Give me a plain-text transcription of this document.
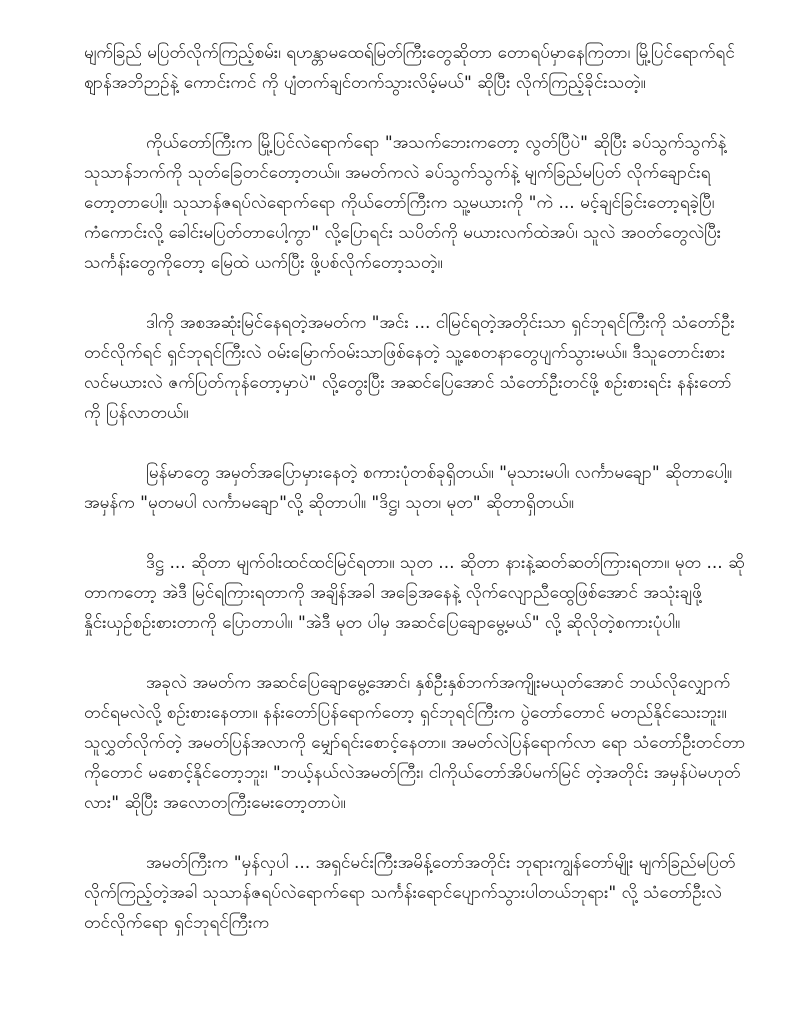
မျက်ခြည် မပြတ်လိုက်ကြည့်စမ်း၊ ရဟန္တာမထေရ်မြတ်ကြီးတွေဆိုတာ တောရပ်မှာနေကြတာ၊ မြို့ပြင်ရောက်ရင် ဈာန်အဘိဉာဉ်နဲ့ ကောင်းကင် ကို ပျံတက်ချင်တက်သွားလိမ့်မယ်" ဆိုပြီး လိုက်ကြည့်ခိုင်းသတဲ့။

ကိုယ်တော်ကြီးက မြို့ပြင်လဲရောက်ရော "အသက်ဘေးကတော့ လွတ်ပြီပဲ" ဆိုပြီး ခပ်သွက်သွက်နဲ့ သုသာန်ဘက်ကို သုတ်ခြေတင်တော့တယ်။ အမတ်ကလဲ ခပ်သွက်သွက်နဲ့ မျက်ခြည်မပြတ် လိုက်ချောင်းရ တော့တာပေါ့။ သုသာန်ဇရပ်လဲရောက်ရော ကိုယ်တော်ကြီးက သူ့မယားကို "ကဲ ... မင့်ချင်ခြင်းတော့ရခဲ့ပြီ၊ ကံကောင်းလို့ ခေါင်းမပြတ်တာပေါ့ကွာ" လို့ပြောရင်း သပိတ်ကို မယားလက်ထဲအပ်၊ သူလဲ အဝတ်တွေလဲပြီး သင်္ကန်းတွေကိုတော့ မြေထဲ ယက်ပြီး ဖို့ပစ်လိုက်တော့သတဲ့။

ဒါကို အစအဆုံးမြင်နေရတဲ့အမတ်က "အင်း ... ငါမြင်ရတဲ့အတိုင်းသာ ရှင်ဘုရင်ကြီးကို သံတော်ဦး တင်လိုက်ရင် ရှင်ဘုရင်ကြီးလဲ ဝမ်းမြောက်ဝမ်းသာဖြစ်နေတဲ့ သူ့စေတနာတွေပျက်သွားမယ်။ ဒီသူတောင်းစား လင်မယားလဲ ဇက်ပြတ်ကုန်တော့မှာပဲ" လို့တွေးပြီး အဆင်ပြေအောင် သံတော်ဦးတင်ဖို့ စဉ်းစားရင်း နန်းတော်ကို ပြန်လာတယ်။

မြန်မာတွေ အမှတ်အပြောမှားနေတဲ့ စကားပုံတစ်ခုရှိတယ်။ "မုသားမပါ၊ လင်္ကာမချော" ဆိုတာပေါ့။ အမှန်က "မုတမပါ လင်္ကာမချော"လို့ ဆိုတာပါ။ "ဒိဋ္ဌ၊ သုတ၊ မုတ" ဆိုတာရှိတယ်။

ဒိဋ္ဌ ... ဆိုတာ မျက်ဝါးထင်ထင်မြင်ရတာ။ သုတ ... ဆိုတာ နားနဲ့ဆတ်ဆတ်ကြားရတာ။ မုတ ... ဆိုတာကတော့ အဲဒီ မြင်ရကြားရတာကို အချိန်အခါ အခြေအနေနဲ့ လိုက်လျောညီထွေဖြစ်အောင် အသုံးချဖို့ နှိုင်းယှဉ်စဉ်းစားတာကို ပြောတာပါ။ "အဲဒီ မုတ ပါမှ အဆင်ပြေချောမွေ့မယ်" လို့ ဆိုလိုတဲ့စကားပုံပါ။

အခုလဲ အမတ်က အဆင်ပြေချောမွေ့အောင်၊ နှစ်ဦးနှစ်ဘက်အကျိုးမယုတ်အောင် ဘယ်လိုလျှောက်တင်ရမလဲလို့ စဉ်းစားနေတာ။ နန်းတော်ပြန်ရောက်တော့ ရှင်ဘုရင်ကြီးက ပွဲတော်တောင် မတည်နိုင်သေးဘူး။ သူလွှတ်လိုက်တဲ့ အမတ်ပြန်အလာကို မျှော်ရင်းစောင့်နေတာ။ အမတ်လဲပြန်ရောက်လာ ရော သံတော်ဦးတင်တာကိုတောင် မစောင့်နိုင်တော့ဘူး၊ "ဘယ့်နယ်လဲအမတ်ကြီး၊ ငါကိုယ်တော်အိပ်မက်မြင် တဲ့အတိုင်း အမှန်ပဲမဟုတ်လား" ဆိုပြီး အလောတကြီးမေးတော့တာပဲ။

အမတ်ကြီးက "မှန်လှပါ ... အရှင်မင်းကြီးအမိန့်တော်အတိုင်း ဘုရားကျွန်တော်မျိုး မျက်ခြည်မပြတ် လိုက်ကြည့်တဲ့အခါ သုသာန်ဇရပ်လဲရောက်ရော သင်္ကန်းရောင်ပျောက်သွားပါတယ်ဘုရား" လို့ သံတော်ဦးလဲ တင်လိုက်ရော ရှင်ဘုရင်ကြီးက
